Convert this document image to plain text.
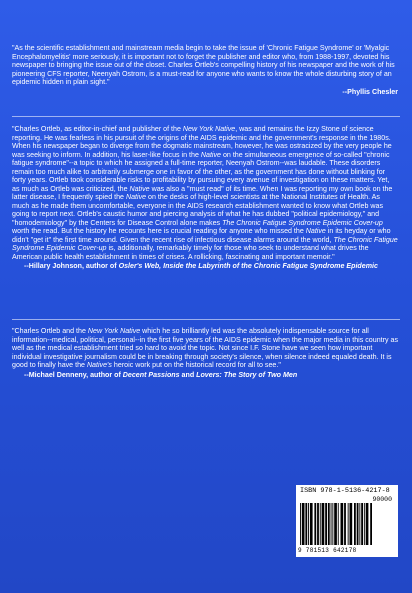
"As the scientific establishment and mainstream media begin to take the issue of 'Chronic Fatigue Syndrome' or 'Myalgic Encephalomyelitis' more seriously, it is important not to forget the publisher and editor who, from 1988-1997, devoted his newspaper to bringing the issue out of the closet. Charles Ortleb's compelling history of his newspaper and the work of his pioneering CFS reporter, Neenyah Ostrom, is a must-read for anyone who wants to know the whole disturbing story of an epidemic hidden in plain sight."

--Phyllis Chesler

"Charles Ortleb, as editor-in-chief and publisher of the New York Native, was and remains the Izzy Stone of science reporting. He was fearless in his pursuit of the origins of the AIDS epidemic and the government's response in the 1980s. When his newspaper began to diverge from the dogmatic mainstream, however, he was ostracized by the very people he was seeking to inform. In addition, his laser-like focus in the Native on the simultaneous emergence of so-called "chronic fatigue syndrome"--a topic to which he assigned a full-time reporter, Neenyah Ostrom--was laudable. These disorders remain too much alike to arbitrarily submerge one in favor of the other, as the government has done without blinking for forty years. Ortleb took considerable risks to profitability by pursuing every avenue of investigation on these matters. Yet, as much as Ortleb was criticized, the Native was also a "must read" of its time. When I was reporting my own book on the latter disease, I frequently spied the Native on the desks of high-level scientists at the National Institutes of Health. As much as he made them uncomfortable, everyone in the AIDS research establishment wanted to know what Ortleb was going to report next. Ortleb's caustic humor and piercing analysis of what he has dubbed "political epidemiology," and "homodemiology" by the Centers for Disease Control alone makes The Chronic Fatigue Syndrome Epidemic Cover-up worth the read. But the history he recounts here is crucial reading for anyone who missed the Native in its heyday or who didn't "get it" the first time around. Given the recent rise of infectious disease alarms around the world, The Chronic Fatigue Syndrome Epidemic Cover-up is, additionally, remarkably timely for those who seek to understand what drives the American public health establishment in times of crises. A rollicking, fascinating and important memoir."

--Hillary Johnson, author of Osler's Web, Inside the Labyrinth of the Chronic Fatigue Syndrome Epidemic

"Charles Ortleb and the New York Native which he so brilliantly led was the absolutely indispensable source for all information--medical, political, personal--in the first five years of the AIDS epidemic when the major media in this country as well as the medical establishment tried so hard to avoid the topic. Not since I.F. Stone have we seen how important individual investigative journalism could be in breaking through society's silence, when silence indeed equaled death. It is good to finally have the Native's heroic work put on the historical record for all to see."

--Michael Denneny, author of Decent Passions and Lovers: The Story of Two Men
ISBN 978-1-5136-4217-8
90000
9 781513 642178
